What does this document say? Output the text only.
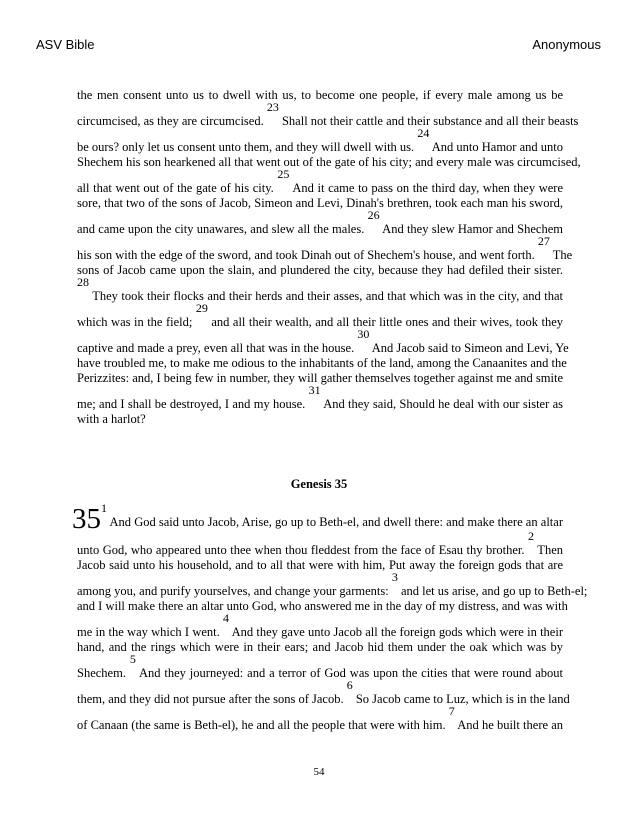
ASV Bible	Anonymous
the men consent unto us to dwell with us, to become one people, if every male among us be
circumcised, as they are circumcised. 23 Shall not their cattle and their substance and all their beasts
be ours? only let us consent unto them, and they will dwell with us. 24 And unto Hamor and unto
Shechem his son hearkened all that went out of the gate of his city; and every male was circumcised,
all that went out of the gate of his city. 25 And it came to pass on the third day, when they were
sore, that two of the sons of Jacob, Simeon and Levi, Dinah's brethren, took each man his sword,
and came upon the city unawares, and slew all the males. 26 And they slew Hamor and Shechem
his son with the edge of the sword, and took Dinah out of Shechem's house, and went forth. 27 The
sons of Jacob came upon the slain, and plundered the city, because they had defiled their sister.
28 They took their flocks and their herds and their asses, and that which was in the city, and that
which was in the field; 29 and all their wealth, and all their little ones and their wives, took they
captive and made a prey, even all that was in the house. 30 And Jacob said to Simeon and Levi, Ye
have troubled me, to make me odious to the inhabitants of the land, among the Canaanites and the
Perizzites: and, I being few in number, they will gather themselves together against me and smite
me; and I shall be destroyed, I and my house. 31 And they said, Should he deal with our sister as
with a harlot?
Genesis 35
35 1 And God said unto Jacob, Arise, go up to Beth-el, and dwell there: and make there an altar
unto God, who appeared unto thee when thou fleddest from the face of Esau thy brother. 2 Then
Jacob said unto his household, and to all that were with him, Put away the foreign gods that are
among you, and purify yourselves, and change your garments: 3 and let us arise, and go up to Beth-el;
and I will make there an altar unto God, who answered me in the day of my distress, and was with
me in the way which I went. 4 And they gave unto Jacob all the foreign gods which were in their
hand, and the rings which were in their ears; and Jacob hid them under the oak which was by
Shechem. 5 And they journeyed: and a terror of God was upon the cities that were round about
them, and they did not pursue after the sons of Jacob. 6 So Jacob came to Luz, which is in the land
of Canaan (the same is Beth-el), he and all the people that were with him. 7 And he built there an
54
